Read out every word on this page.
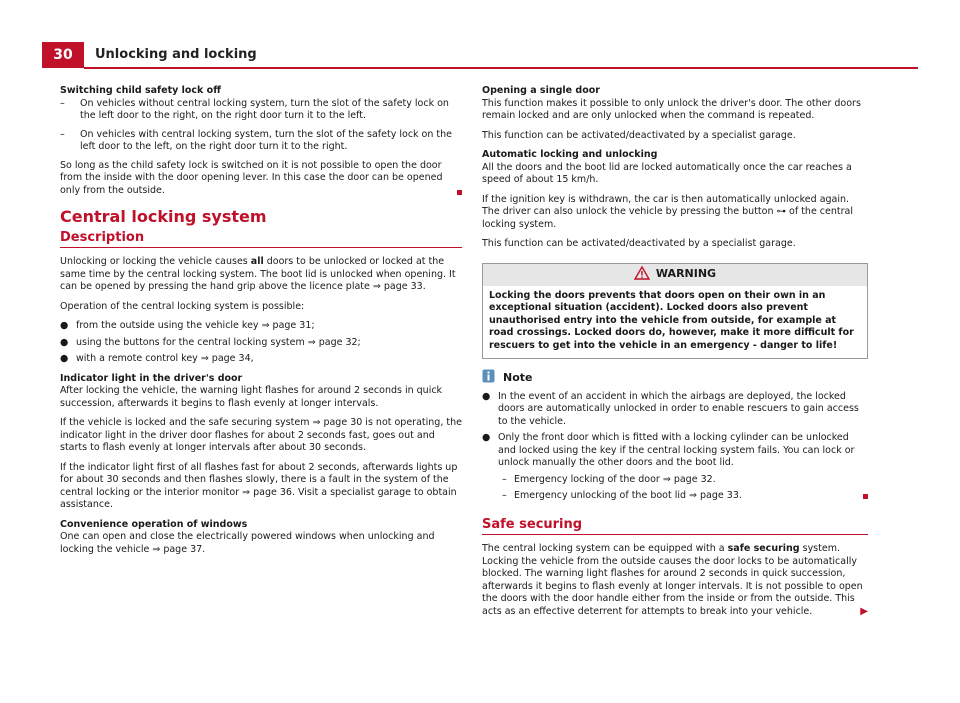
30	Unlocking and locking

Switching child safety lock off

–	On vehicles without central locking system, turn the slot of the safety lock on the left door to the right, on the right door turn it to the left.
–	On vehicles with central locking system, turn the slot of the safety lock on the left door to the left, on the right door turn it to the right.

So long as the child safety lock is switched on it is not possible to open the door from the inside with the door opening lever. In this case the door can be opened only from the outside.

Central locking system
Description

Unlocking or locking the vehicle causes all doors to be unlocked or locked at the same time by the central locking system. The boot lid is unlocked when opening. It can be opened by pressing the hand grip above the licence plate ⇒ page 33.

Operation of the central locking system is possible:

● from the outside using the vehicle key ⇒ page 31;
● using the buttons for the central locking system ⇒ page 32;
● with a remote control key ⇒ page 34,

Indicator light in the driver's door

After locking the vehicle, the warning light flashes for around 2 seconds in quick succession, afterwards it begins to flash evenly at longer intervals.

If the vehicle is locked and the safe securing system ⇒ page 30 is not operating, the indicator light in the driver door flashes for about 2 seconds fast, goes out and starts to flash evenly at longer intervals after about 30 seconds.

If the indicator light first of all flashes fast for about 2 seconds, afterwards lights up for about 30 seconds and then flashes slowly, there is a fault in the system of the central locking or the interior monitor ⇒ page 36. Visit a specialist garage to obtain assistance.

Convenience operation of windows

One can open and close the electrically powered windows when unlocking and locking the vehicle ⇒ page 37.

Opening a single door

This function makes it possible to only unlock the driver's door. The other doors remain locked and are only unlocked when the command is repeated.

This function can be activated/deactivated by a specialist garage.

Automatic locking and unlocking

All the doors and the boot lid are locked automatically once the car reaches a speed of about 15 km/h.

If the ignition key is withdrawn, the car is then automatically unlocked again. The driver can also unlock the vehicle by pressing the button ⊶ of the central locking system.

This function can be activated/deactivated by a specialist garage.

WARNING
Locking the doors prevents that doors open on their own in an exceptional situation (accident). Locked doors also prevent unauthorised entry into the vehicle from outside, for example at road crossings. Locked doors do, however, make it more difficult for rescuers to get into the vehicle in an emergency - danger to life!
Note
● In the event of an accident in which the airbags are deployed, the locked doors are automatically unlocked in order to enable rescuers to gain access to the vehicle.
● Only the front door which is fitted with a locking cylinder can be unlocked and locked using the key if the central locking system fails. You can lock or unlock manually the other doors and the boot lid.
– Emergency locking of the door ⇒ page 32.
– Emergency unlocking of the boot lid ⇒ page 33.
Safe securing

The central locking system can be equipped with a safe securing system. Locking the vehicle from the outside causes the door locks to be automatically blocked. The warning light flashes for around 2 seconds in quick succession, afterwards it begins to flash evenly at longer intervals. It is not possible to open the doors with the door handle either from the inside or from the outside. This acts as an effective deterrent for attempts to break into your vehicle.	▶
